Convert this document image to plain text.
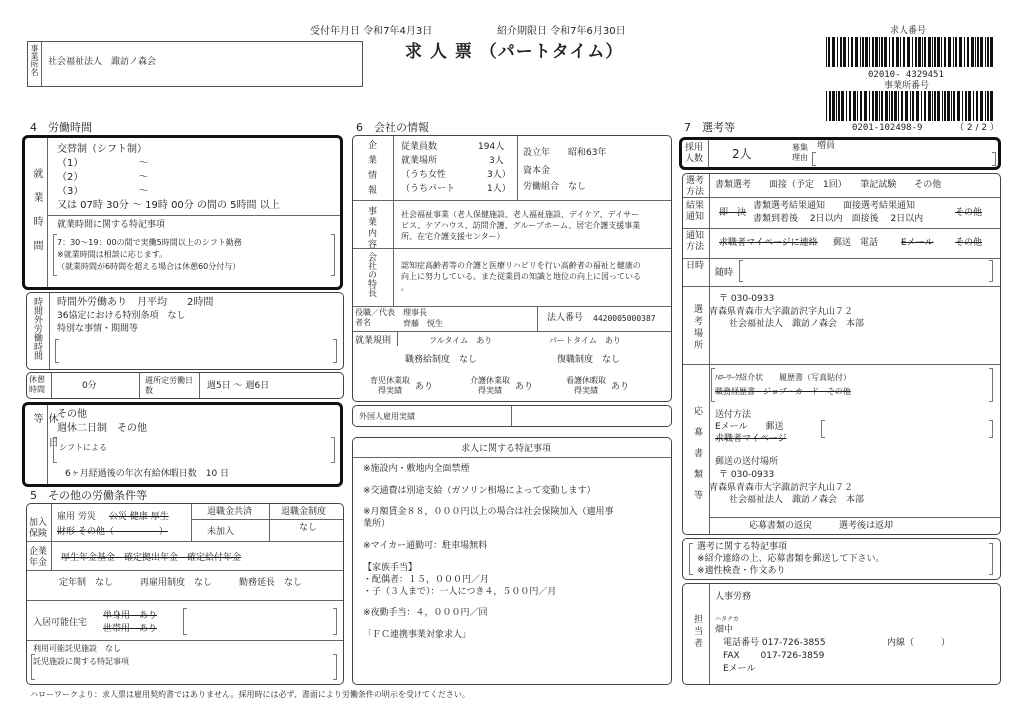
受付年月日 令和7年4月3日	紹介期限日 令和7年6月30日
求 人 票 （パートタイム）
事業所名 社会福祉法人　諏訪ノ森会
求人番号
02010- 4329451
事業所番号
0201-102498-9	（ 2 / 2 ）
4　労働時間
就業時間
交替制（シフト制）
（1）　　　　　　～
（2）　　　　　　～
（3）　　　　　　～
又は 07時 30分 ～ 19時 00分 の間の 5時間 以上
就業時間に関する特記事項
7：30～19：00の間で実働5時間以上のシフト勤務
※就業時間は相談に応じます。
（就業時間が6時間を超える場合は休憩60分付与）
時間外労働時間 時間外労働あり　月平均　　2時間
36協定における特別条項　なし
特別な事情・期間等
休憩時間	0分
週所定労働日数	週5日 ～ 週6日
休日等	その他
週休二日制　その他
シフトによる
6ヶ月経過後の年次有給休暇日数　10 日
5　その他の労働条件等
加入保険
雇用 労災 公災 健康 厚生
財形 その他（　　　　　）
退職金共済
未加入
退職金制度
なし
企業年金	厚生年金基金　確定拠出年金　確定給付年金
定年制　なし　　　再雇用制度　なし　　　勤務延長　なし
入居可能住宅
単身用　あり
世帯用　あり
利用可能託児施設　なし
託児施設に関する特記事項
6　会社の情報
企業情報	従業員数	194人
就業場所	3人
（うち女性	3人）
（うちパート	1人）
設立年　　昭和63年
資本金
労働組合　なし
事業内容	社会福祉事業（老人保健施設、老人福祉施設、デイケア、デイサー
ビス、ケアハウス、訪問介護、グループホーム、居宅介護支援事業
所、在宅介護支援センター）
会社の特長	認知症高齢者等の介護と医療リハビリを行い高齢者の福祉と健康の
向上に努力している。また従業員の知識と地位の向上に図っている
。
役職／代表者名
理事長
齊藤　悦生
法人番号 4420005000387
就業規則	フルタイム　あり	パートタイム　あり
職務給制度　なし	復職制度　なし
育児休業取得実績	あり
介護休業取得実績	あり
看護休暇取得実績	あり
外国人雇用実績
求人に関する特記事項
※施設内・敷地内全面禁煙
※交通費は別途支給（ガソリン相場によって変動します）
※月額賃金８８，０００円以上の場合は社会保険加入（適用事
業所）
※マイカー通勤可：駐車場無料
【家族手当】
・配偶者：１５，０００円／月
・子（３人まで）：一人につき４，５００円／月
※夜勤手当：４，０００円／回
「ＦＣ連携事業対象求人」
7　選考等
採用人数	2人	募集理由
増員
選考方法
書類選考　　面接（予定　1回）　　筆記試験　　その他
結果通知	即　決
書類選考結果通知　　面接選考結果通知
書類到着後　 2日以内　面接後　 2日以内
その他
通知方法	求職者マイページに連絡 郵送　電話	Eメール その他
日時
随時
選考場所
〒 030-0933
青森県青森市大字諏訪沢字丸山７２
社会福祉法人　諏訪ノ森会　本部
応募書類等
ﾊﾛｰﾜｰｸ紹介状　　履歴書（写真貼付）
職務経歴書　ジョブ・カード　その他
送付方法
Eメール　　郵送
求職者マイページ
郵送の送付場所
〒 030-0933
青森県青森市大字諏訪沢字丸山７２
社会福祉法人　諏訪ノ森会　本部
応募書類の返戻　　　選考後は返却
選考に関する特記事項
※紹介連絡の上、応募書類を郵送して下さい。
※適性検査・作文あり
担当者
人事労務
ハタナカ
畑中
電話番号 017-726-3855	内線（　　　）
FAX　　 017-726-3859
Eメール
ハローワークより：求人票は雇用契約書ではありません。採用時には必ず、書面により労働条件の明示を受けてください。
